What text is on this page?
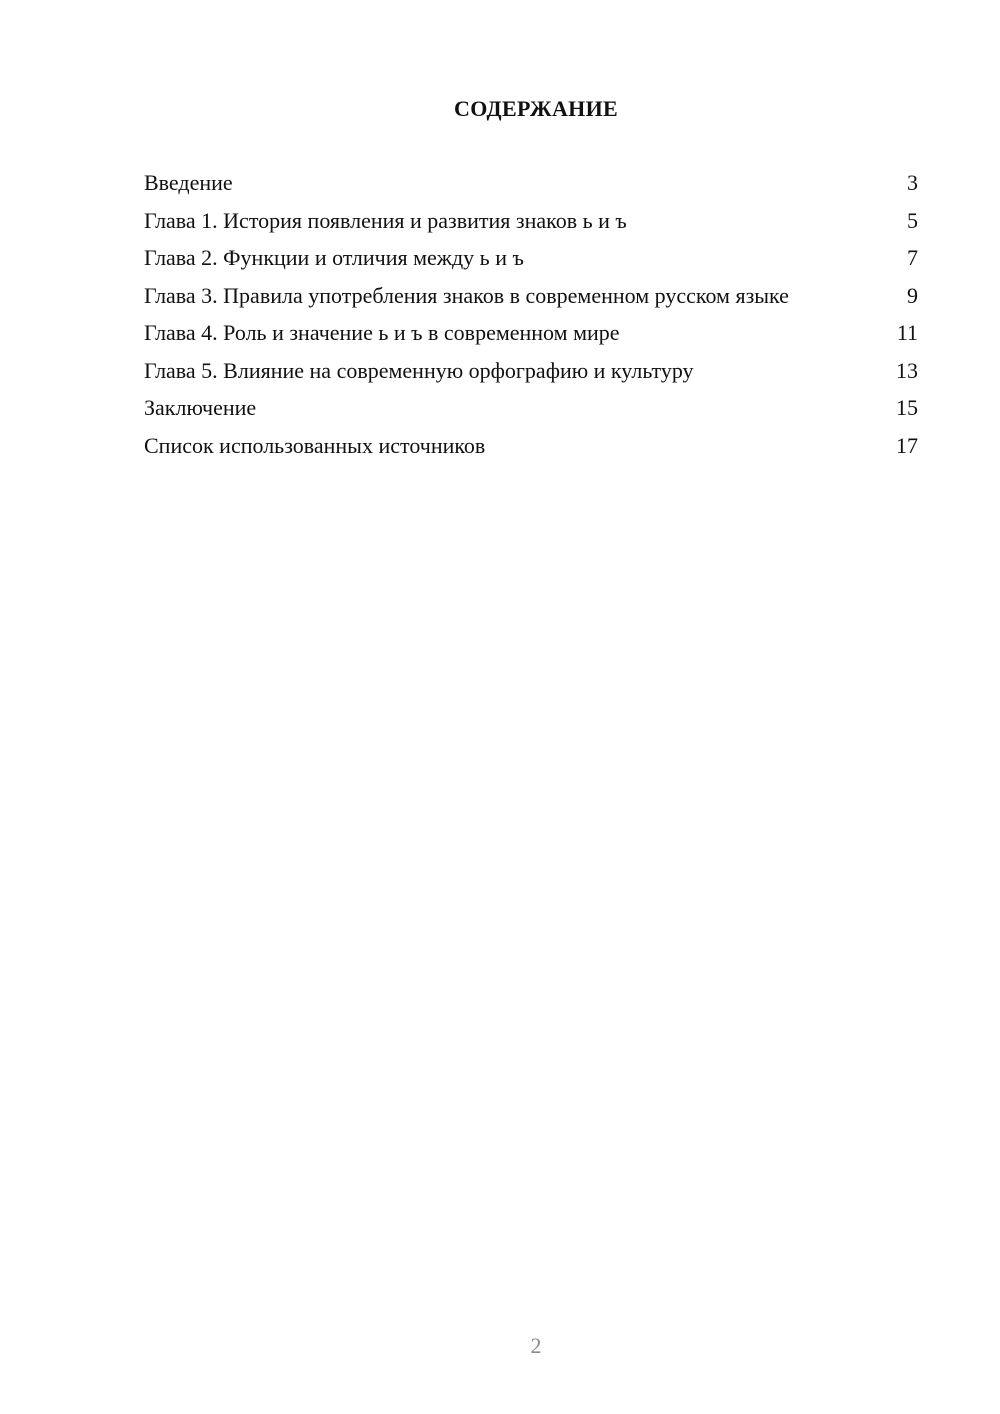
СОДЕРЖАНИЕ
Введение	3
Глава 1. История появления и развития знаков ь и ъ	5
Глава 2. Функции и отличия между ь и ъ	7
Глава 3. Правила употребления знаков в современном русском языке	9
Глава 4. Роль и значение ь и ъ в современном мире	11
Глава 5. Влияние на современную орфографию и культуру	13
Заключение	15
Список использованных источников	17
2
